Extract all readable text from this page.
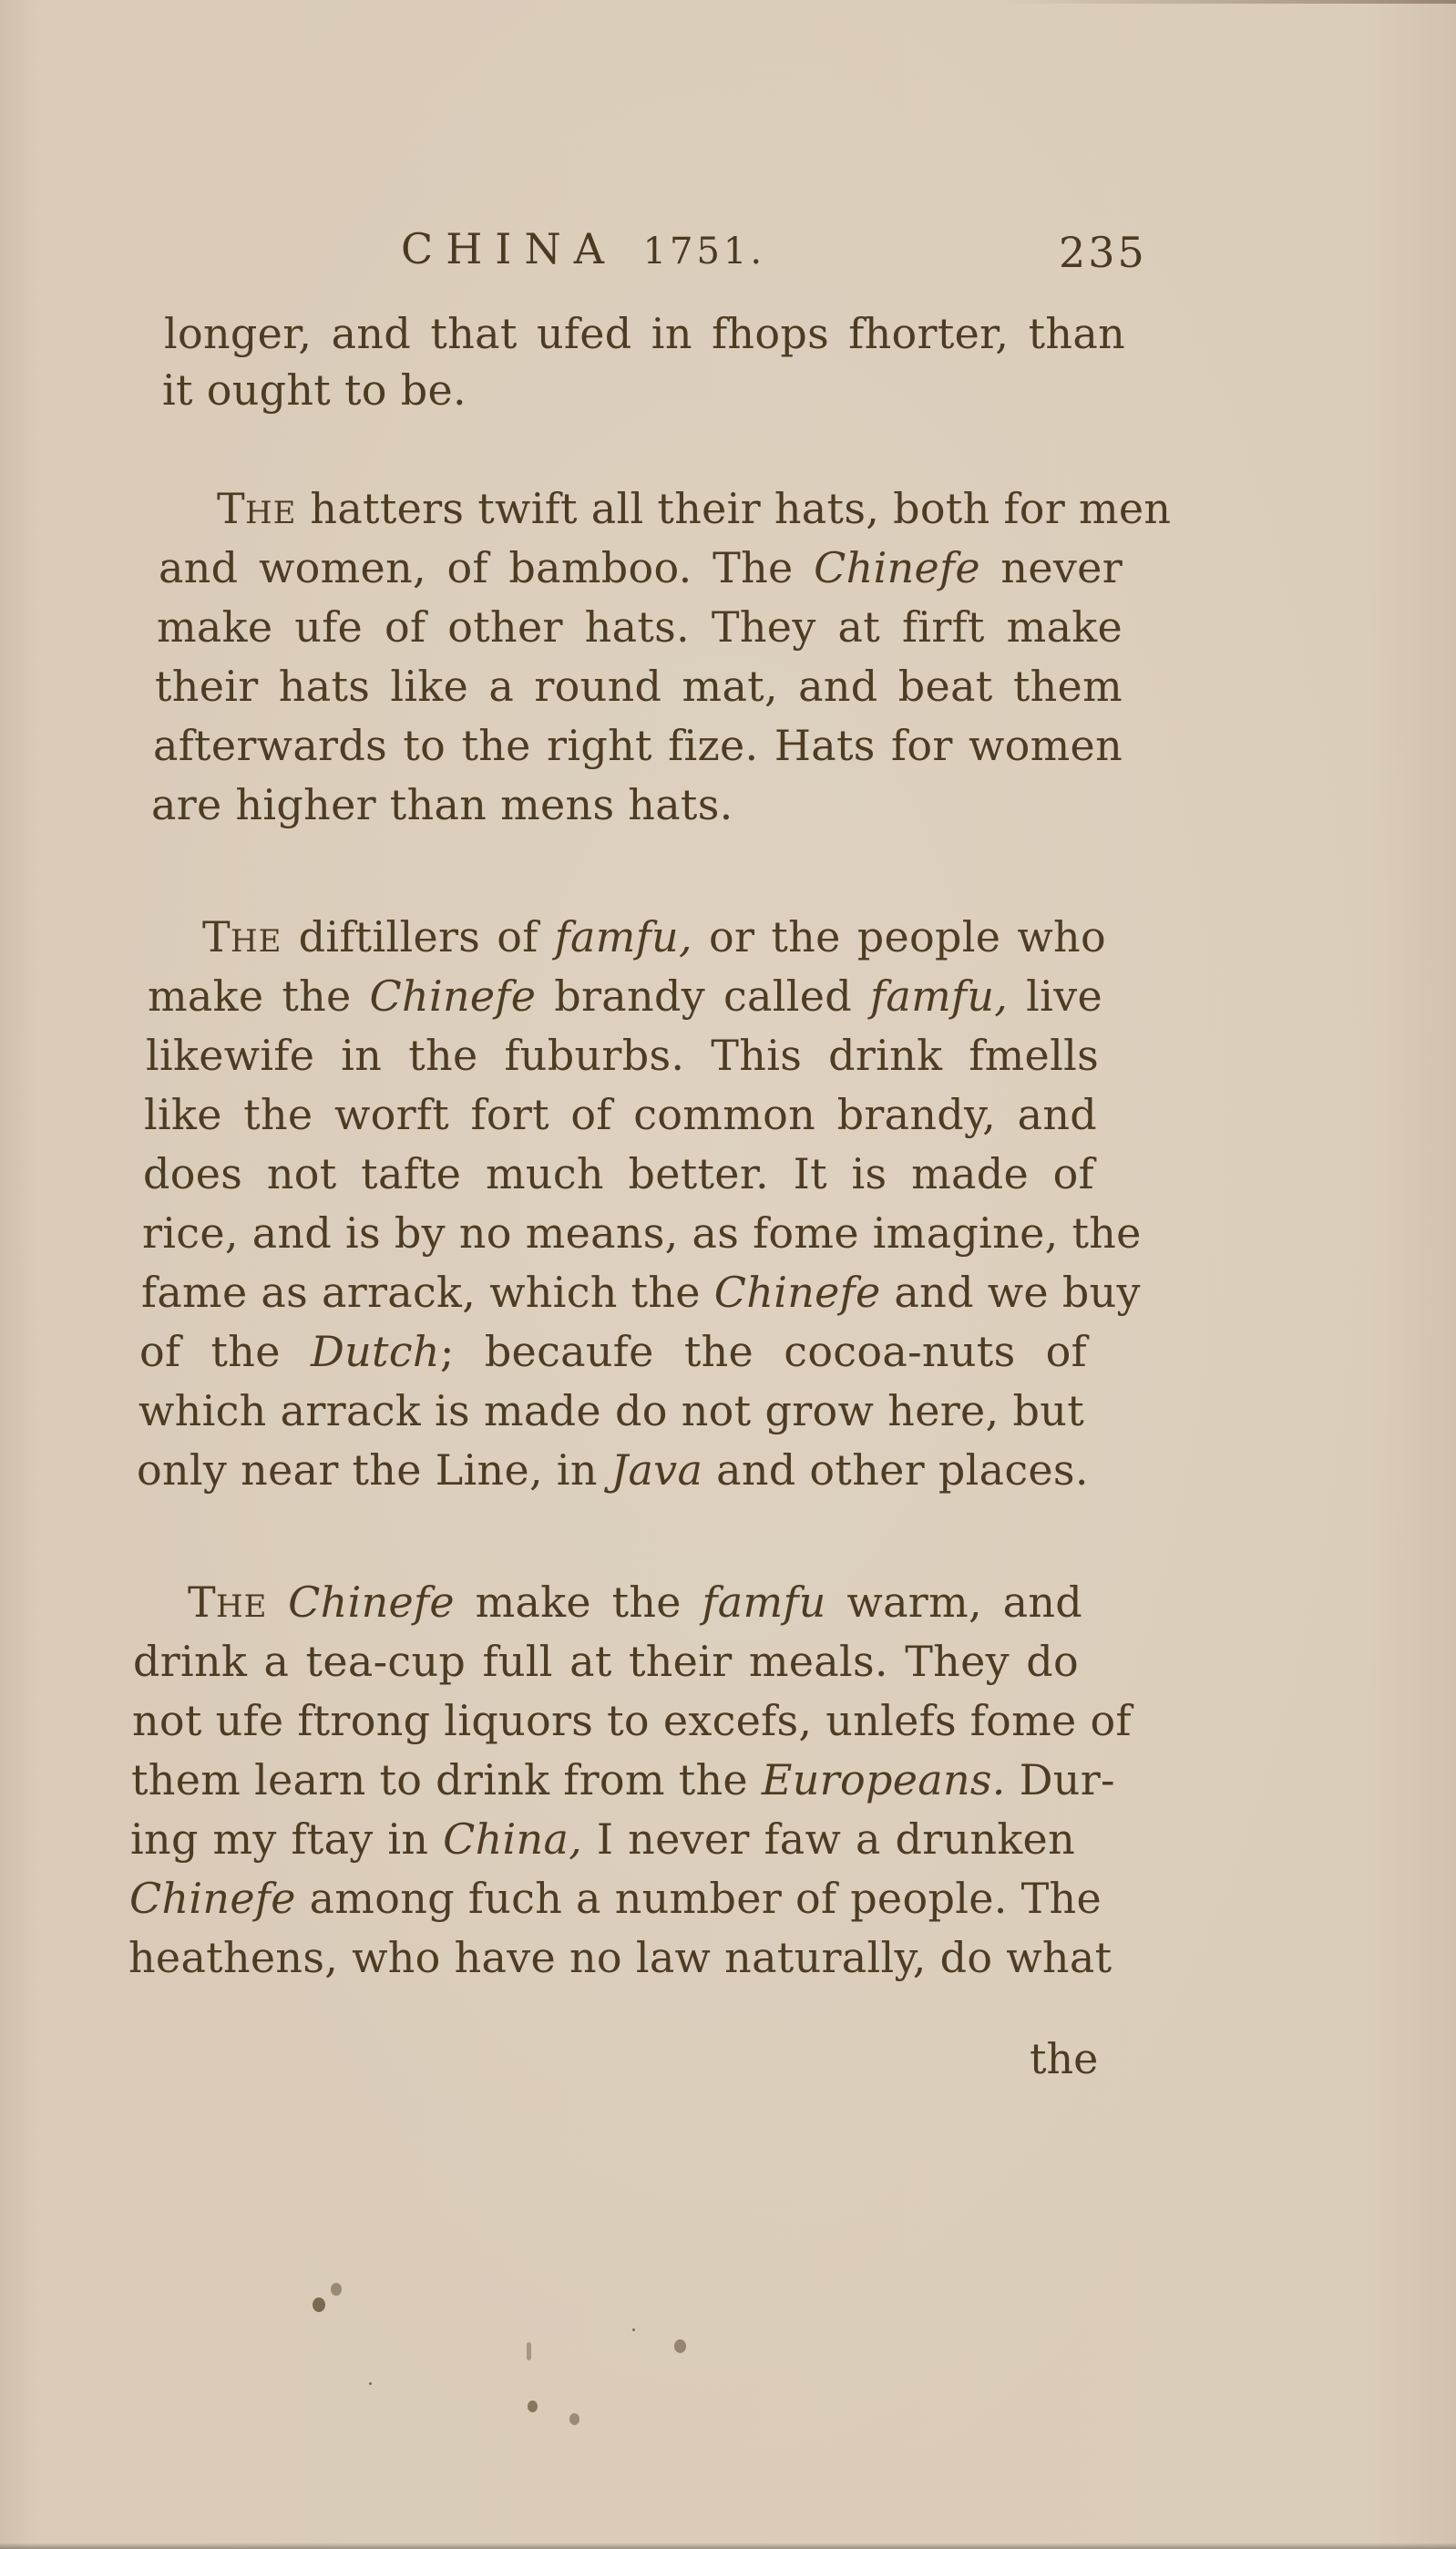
CHINA 1751.	235
longer, and that ufed in fhops fhorter, than
it ought to be.
THE hatters twift all their hats, both for men
and women, of bamboo. The Chinefe never
make ufe of other hats. They at firft make
their hats like a round mat, and beat them
afterwards to the right fize. Hats for women
are higher than mens hats.
THE diftillers of famfu, or the people who
make the Chinefe brandy called famfu, live
likewife in the fuburbs. This drink fmells
like the worft fort of common brandy, and
does not tafte much better. It is made of
rice, and is by no means, as fome imagine, the
fame as arrack, which the Chinefe and we buy
of the Dutch; becaufe the cocoa-nuts of
which arrack is made do not grow here, but
only near the Line, in Java and other places.
THE Chinefe make the famfu warm, and
drink a tea-cup full at their meals. They do
not ufe ftrong liquors to excefs, unlefs fome of
them learn to drink from the Europeans. Dur-
ing my ftay in China, I never faw a drunken
Chinefe among fuch a number of people. The
heathens, who have no law naturally, do what
the
